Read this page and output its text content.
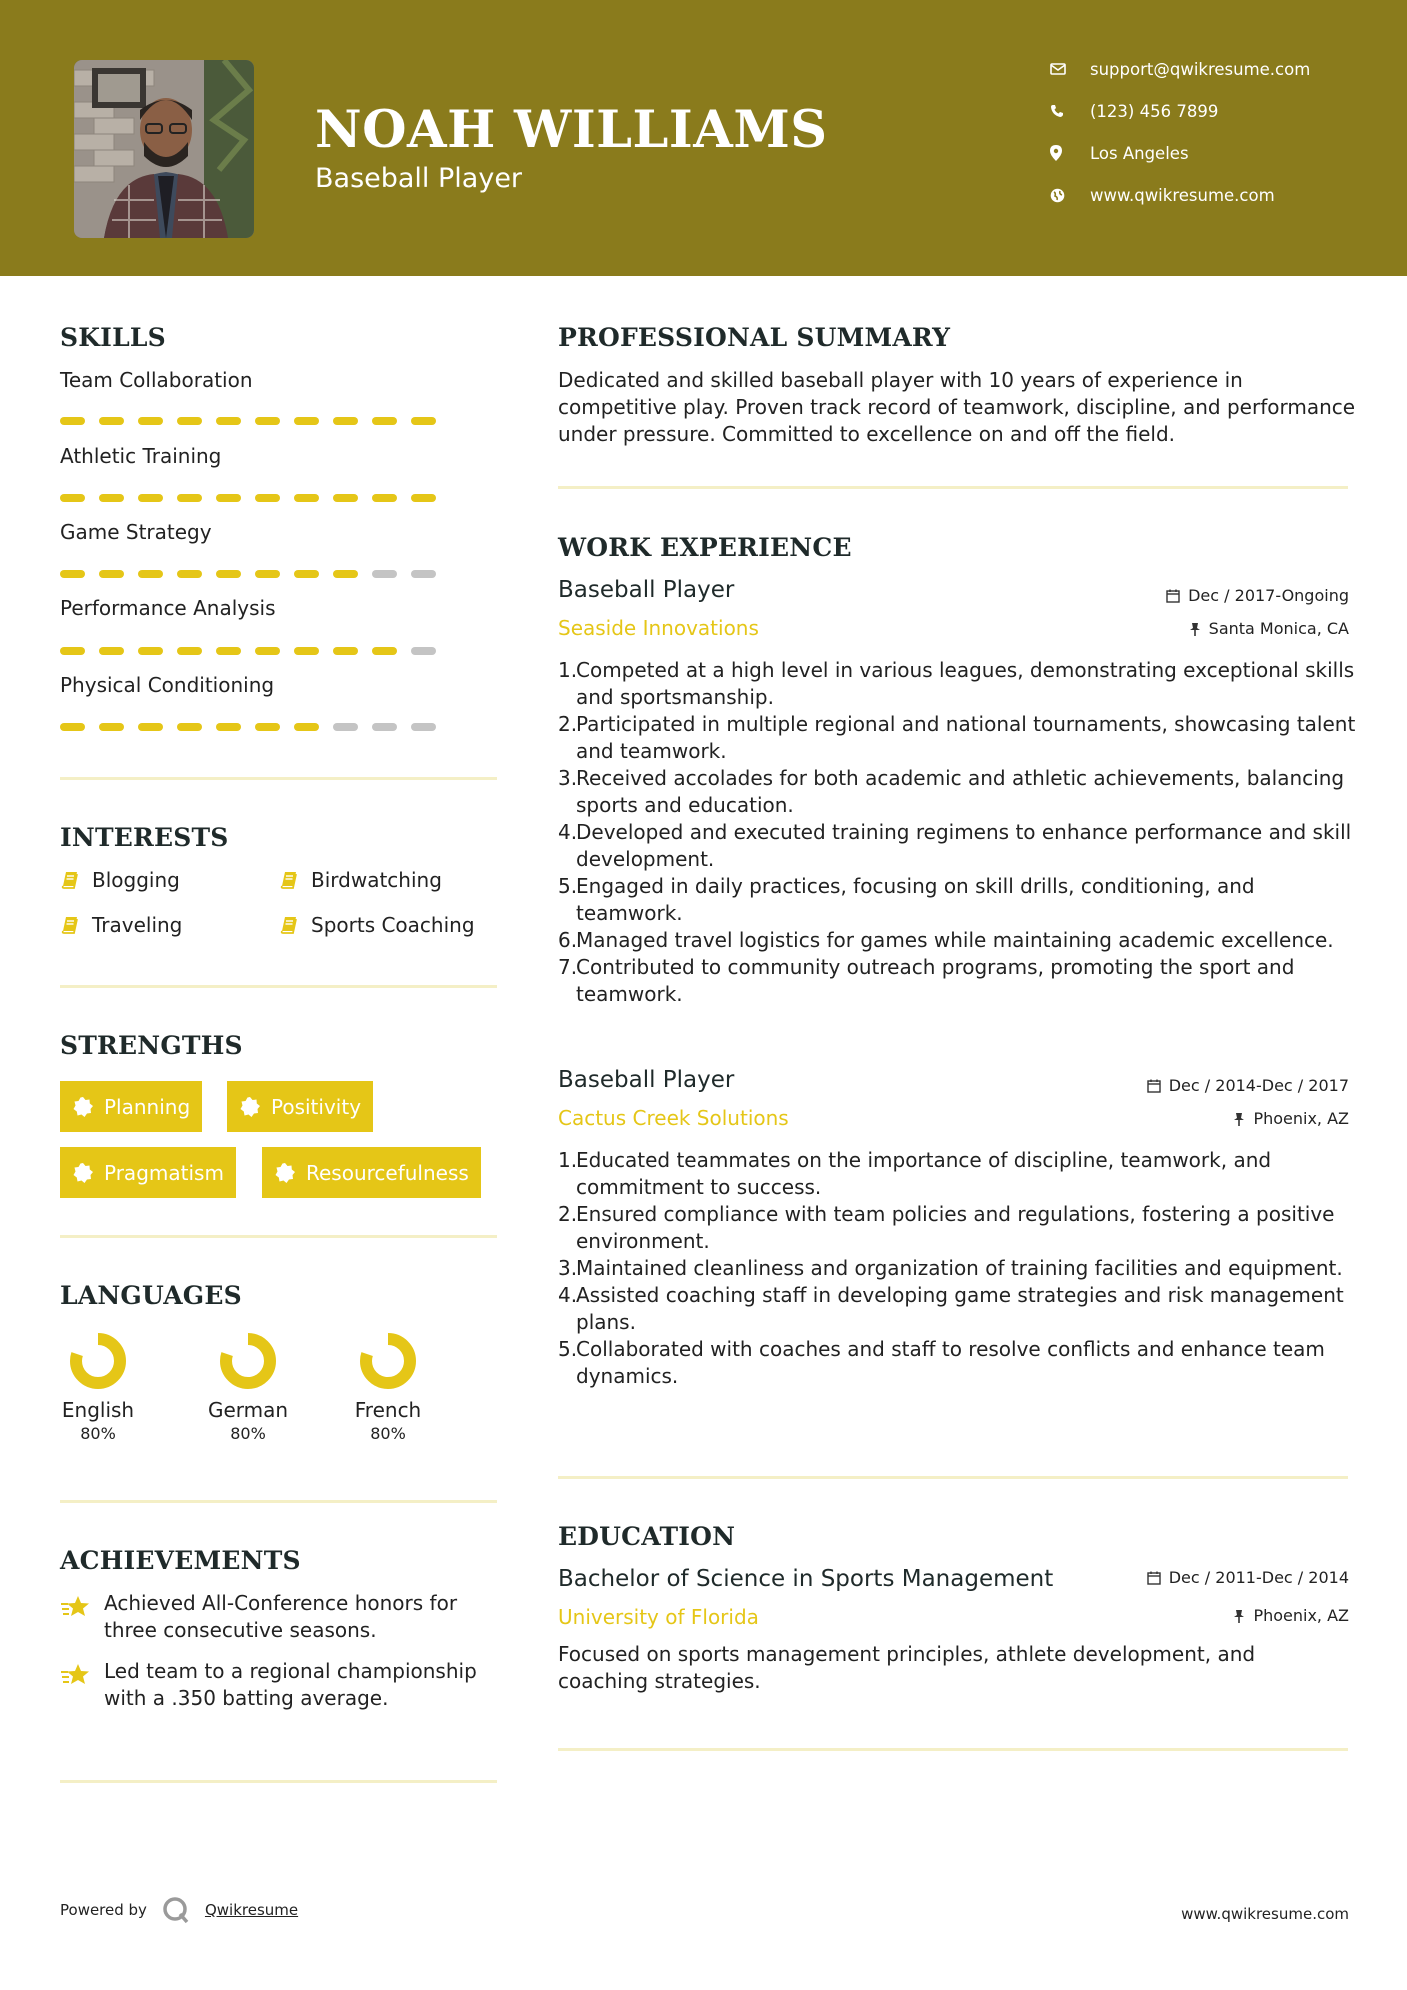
NOAH WILLIAMS
Baseball Player
support@qwikresume.com
(123) 456 7899
Los Angeles
www.qwikresume.com
SKILLS
Team Collaboration
Athletic Training
Game Strategy
Performance Analysis
Physical Conditioning
INTERESTS
Blogging	Birdwatching
Traveling	Sports Coaching
STRENGTHS
Planning	Positivity
Pragmatism	Resourcefulness
LANGUAGES
English
80%
German
80%
French
80%
ACHIEVEMENTS
Achieved All-Conference honors for three consecutive seasons.
Led team to a regional championship with a .350 batting average.
PROFESSIONAL SUMMARY
Dedicated and skilled baseball player with 10 years of experience in competitive play. Proven track record of teamwork, discipline, and performance under pressure. Committed to excellence on and off the field.
WORK EXPERIENCE
Baseball Player	Dec / 2017-Ongoing
Seaside Innovations	Santa Monica, CA
1.
Competed at a high level in various leagues, demonstrating exceptional skills and sportsmanship.
2.
Participated in multiple regional and national tournaments, showcasing talent and teamwork.
3.
Received accolades for both academic and athletic achievements, balancing sports and education.
4.
Developed and executed training regimens to enhance performance and skill development.
5.
Engaged in daily practices, focusing on skill drills, conditioning, and teamwork.
6.
Managed travel logistics for games while maintaining academic excellence.
7.
Contributed to community outreach programs, promoting the sport and teamwork.
Baseball Player	Dec / 2014-Dec / 2017
Cactus Creek Solutions	Phoenix, AZ
1.
Educated teammates on the importance of discipline, teamwork, and commitment to success.
2.
Ensured compliance with team policies and regulations, fostering a positive environment.
3.
Maintained cleanliness and organization of training facilities and equipment.
4.
Assisted coaching staff in developing game strategies and risk management plans.
5.
Collaborated with coaches and staff to resolve conflicts and enhance team dynamics.
EDUCATION
Bachelor of Science in Sports Management	Dec / 2011-Dec / 2014
University of Florida	Phoenix, AZ
Focused on sports management principles, athlete development, and coaching strategies.
Powered by	Qwikresume	www.qwikresume.com
